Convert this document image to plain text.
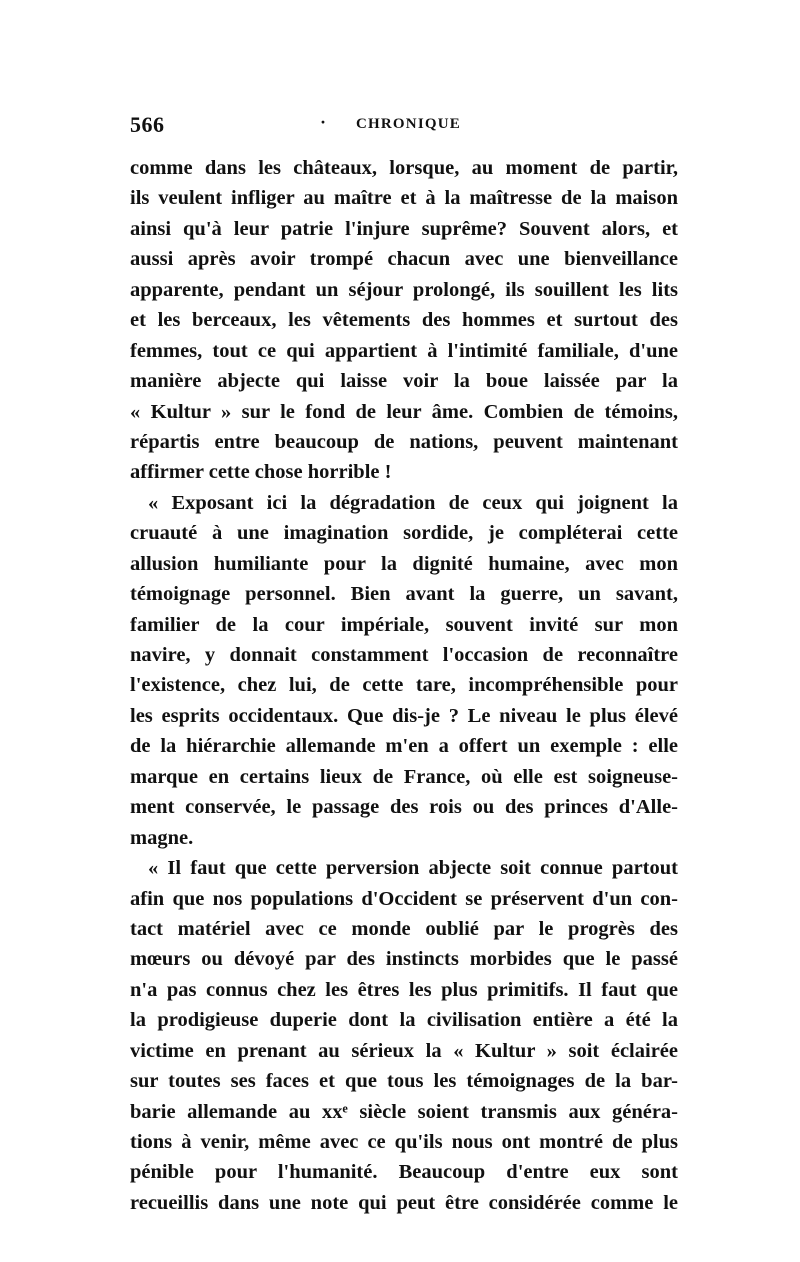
566	· CHRONIQUE
comme dans les châteaux, lorsque, au moment de partir,
ils veulent infliger au maître et à la maîtresse de la maison
ainsi qu'à leur patrie l'injure suprême? Souvent alors, et
aussi après avoir trompé chacun avec une bienveillance
apparente, pendant un séjour prolongé, ils souillent les lits
et les berceaux, les vêtements des hommes et surtout des
femmes, tout ce qui appartient à l'intimité familiale, d'une
manière abjecte qui laisse voir la boue laissée par la
« Kultur » sur le fond de leur âme. Combien de témoins,
répartis entre beaucoup de nations, peuvent maintenant
affirmer cette chose horrible !
« Exposant ici la dégradation de ceux qui joignent la
cruauté à une imagination sordide, je compléterai cette
allusion humiliante pour la dignité humaine, avec mon
témoignage personnel. Bien avant la guerre, un savant,
familier de la cour impériale, souvent invité sur mon
navire, y donnait constamment l'occasion de reconnaître
l'existence, chez lui, de cette tare, incompréhensible pour
les esprits occidentaux. Que dis-je ? Le niveau le plus élevé
de la hiérarchie allemande m'en a offert un exemple : elle
marque en certains lieux de France, où elle est soigneuse-
ment conservée, le passage des rois ou des princes d'Alle-
magne.
« Il faut que cette perversion abjecte soit connue partout
afin que nos populations d'Occident se préservent d'un con-
tact matériel avec ce monde oublié par le progrès des
mœurs ou dévoyé par des instincts morbides que le passé
n'a pas connus chez les êtres les plus primitifs. Il faut que
la prodigieuse duperie dont la civilisation entière a été la
victime en prenant au sérieux la « Kultur » soit éclairée
sur toutes ses faces et que tous les témoignages de la bar-
barie allemande au xxᵉ siècle soient transmis aux généra-
tions à venir, même avec ce qu'ils nous ont montré de plus
pénible pour l'humanité. Beaucoup d'entre eux sont
recueillis dans une note qui peut être considérée comme le
